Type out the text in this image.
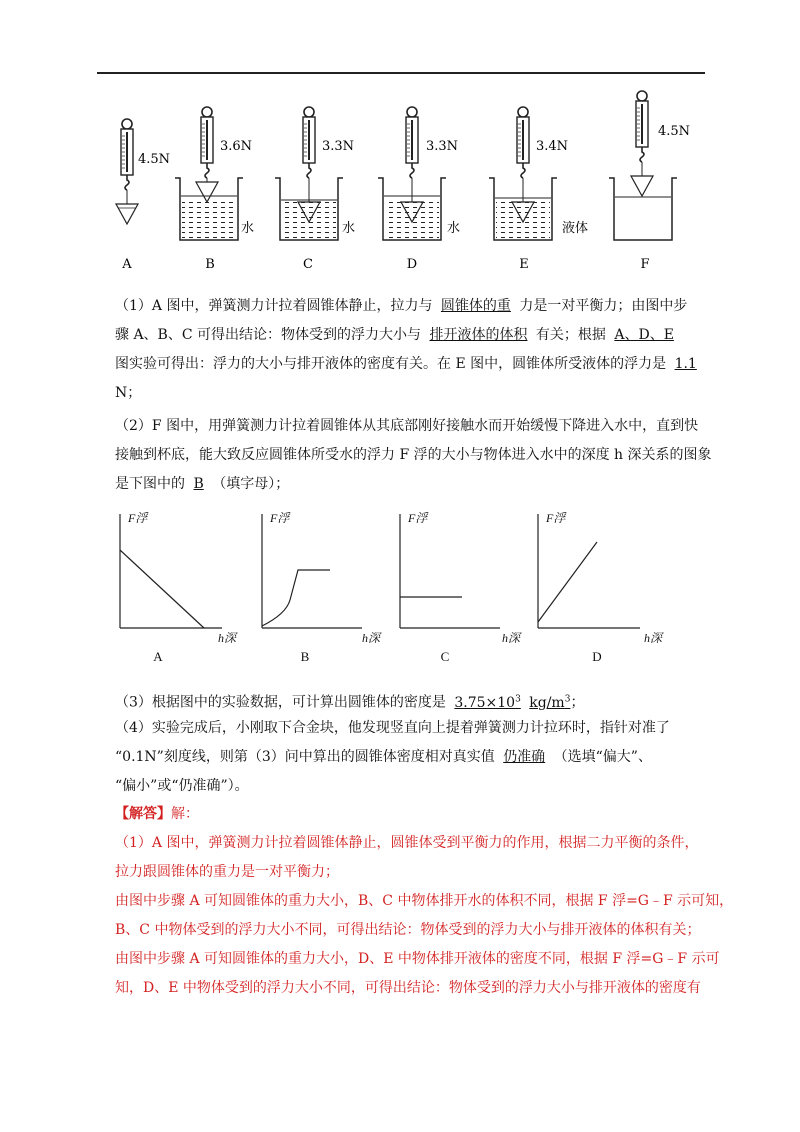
4.5N
A
3.6N
水
B
3.3N
水
C
3.3N
水
D
3.4N
液体
E
4.5N
F
（1）A 图中，弹簧测力计拉着圆锥体静止，拉力与 圆锥体的重 力是一对平衡力；由图中步
骤 A、B、C 可得出结论：物体受到的浮力大小与 排开液体的体积 有关；根据 A、D、E
图实验可得出：浮力的大小与排开液体的密度有关。在 E 图中，圆锥体所受液体的浮力是 1.1
N；
（2）F 图中，用弹簧测力计拉着圆锥体从其底部刚好接触水而开始缓慢下降进入水中，直到快
接触到杯底，能大致反应圆锥体所受水的浮力 F 浮的大小与物体进入水中的深度 h 深关系的图象
是下图中的 B （填字母）；
F浮
h深
A
F浮
h深
B
F浮
h深
C
F浮
h深
D
（3）根据图中的实验数据，可计算出圆锥体的密度是 $3.75\times 10^3$ $kg/m^3$；
（4）实验完成后，小刚取下合金块，他发现竖直向上提着弹簧测力计拉环时，指针对准了
“0.1N”刻度线，则第（3）问中算出的圆锥体密度相对真实值 仍准确 （选填“偏大”、
“偏小”或“仍准确”）。
【解答】解：
（1）A 图中，弹簧测力计拉着圆锥体静止，圆锥体受到平衡力的作用，根据二力平衡的条件，
拉力跟圆锥体的重力是一对平衡力；
由图中步骤 A 可知圆锥体的重力大小，B、C 中物体排开水的体积不同，根据 F 浮=G﹣F 示可知，
B、C 中物体受到的浮力大小不同，可得出结论：物体受到的浮力大小与排开液体的体积有关；
由图中步骤 A 可知圆锥体的重力大小，D、E 中物体排开液体的密度不同，根据 F 浮=G﹣F 示可
知，D、E 中物体受到的浮力大小不同，可得出结论：物体受到的浮力大小与排开液体的密度有
